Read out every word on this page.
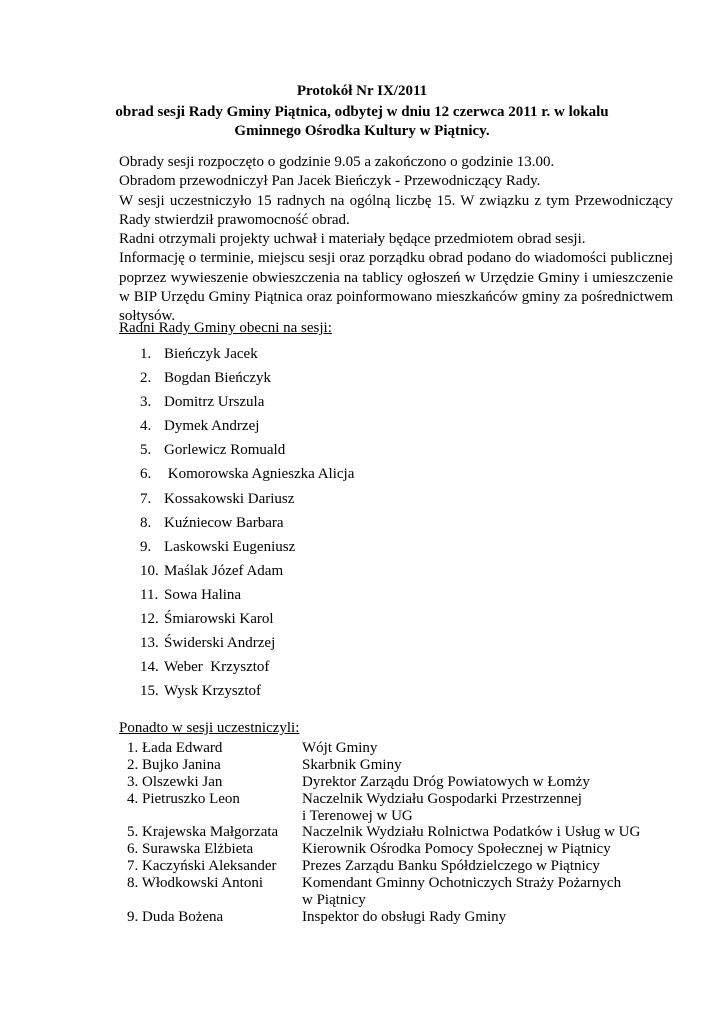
Protokół Nr IX/2011
obrad sesji Rady Gminy Piątnica, odbytej w dniu 12 czerwca 2011 r. w lokalu
Gminnego Ośrodka Kultury w Piątnicy.
Obrady sesji rozpoczęto o godzinie 9.05 a zakończono o godzinie 13.00.
Obradom przewodniczył Pan Jacek Bieńczyk - Przewodniczący Rady.
W sesji uczestniczyło 15 radnych na ogólną liczbę 15. W związku z tym Przewodniczący Rady stwierdził prawomocność obrad.
Radni otrzymali projekty uchwał i materiały będące przedmiotem obrad sesji.
Informację o terminie, miejscu sesji oraz porządku obrad podano do wiadomości publicznej poprzez wywieszenie obwieszczenia na tablicy ogłoszeń w Urzędzie Gminy i umieszczenie w BIP Urzędu Gminy Piątnica oraz poinformowano mieszkańców gminy za pośrednictwem sołtysów.
Radni Rady Gminy obecni na sesji:
1. Bieńczyk Jacek
2. Bogdan Bieńczyk
3. Domitrz Urszula
4. Dymek Andrzej
5. Gorlewicz Romuald
6. Komorowska Agnieszka Alicja
7. Kossakowski Dariusz
8. Kuźniecow Barbara
9. Laskowski Eugeniusz
10. Maślak Józef Adam
11. Sowa Halina
12. Śmiarowski Karol
13. Świderski Andrzej
14. Weber  Krzysztof
15. Wysk Krzysztof
Ponadto w sesji uczestniczyli:
1. Łada Edward	Wójt Gminy
2. Bujko Janina	Skarbnik Gminy
3. Olszewki Jan	Dyrektor Zarządu Dróg Powiatowych w Łomży
4. Pietruszko Leon	Naczelnik Wydziału Gospodarki Przestrzennej
i Terenowej w UG
5. Krajewska Małgorzata Naczelnik Wydziału Rolnictwa Podatków i Usług w UG
6. Surawska Elżbieta	Kierownik Ośrodka Pomocy Społecznej w Piątnicy
7. Kaczyński Aleksander Prezes Zarządu Banku Spółdzielczego w Piątnicy
8. Włodkowski Antoni	Komendant Gminny Ochotniczych Straży Pożarnych
w Piątnicy
9. Duda Bożena	Inspektor do obsługi Rady Gminy
